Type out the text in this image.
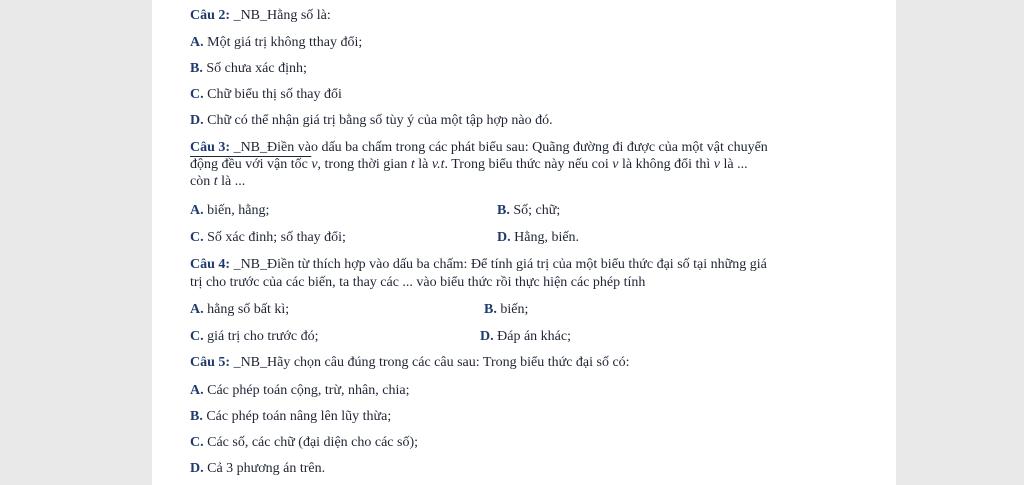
Câu 2: _NB_Hằng số là:
A. Một giá trị không tthay đổi;
B. Số chưa xác định;
C. Chữ biểu thị số thay đổi
D. Chữ có thể nhận giá trị bằng số tùy ý của một tập hợp nào đó.
Câu 3: _NB_Điền vào dấu ba chấm trong các phát biểu sau: Quãng đường đi được của một vật chuyển
động đều với vận tốc v, trong thời gian t là v.t. Trong biểu thức này nếu coi v là không đổi thì v là ...
còn t là ...
A. biến, hằng;	B. Số; chữ;
C. Số xác đinh; số thay đổi;	D. Hằng, biến.
Câu 4: _NB_Điền từ thích hợp vào dấu ba chấm: Để tính giá trị của một biểu thức đại số tại những giá
trị cho trước của các biến, ta thay các ... vào biểu thức rồi thực hiện các phép tính
A. hằng số bất kì;	B. biến;
C. giá trị cho trước đó;	D. Đáp án khác;
Câu 5: _NB_Hãy chọn câu đúng trong các câu sau: Trong biểu thức đại số có:
A. Các phép toán cộng, trừ, nhân, chia;
B. Các phép toán nâng lên lũy thừa;
C. Các số, các chữ (đại diện cho các số);
D. Cả 3 phương án trên.
